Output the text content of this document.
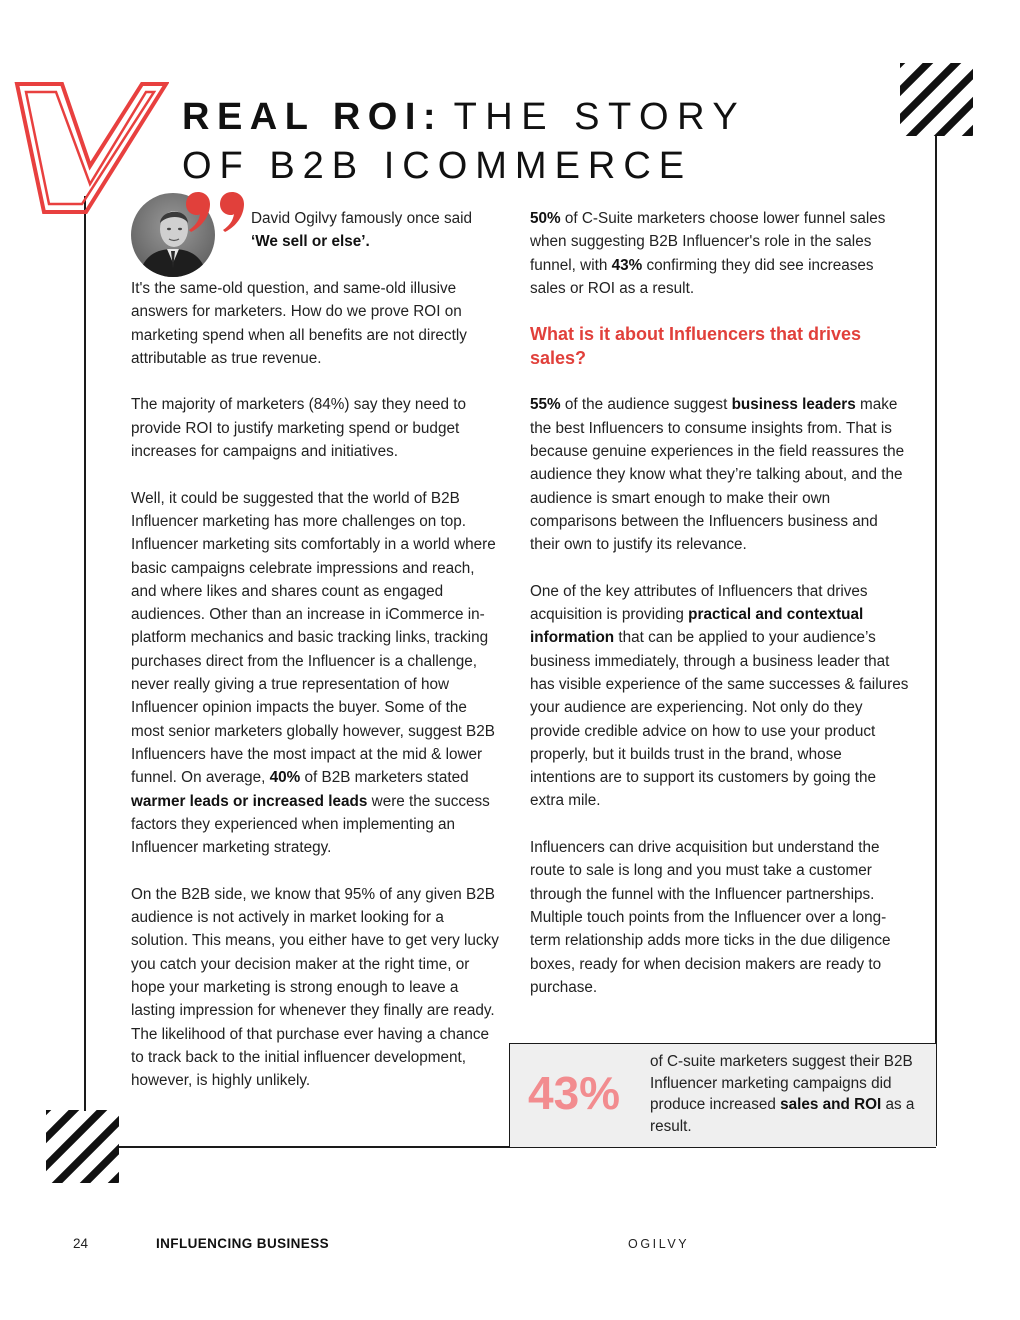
REAL ROI: THE STORY
OF B2B ICOMMERCE
David Ogilvy famously once said
‘We sell or else’.

It's the same-old question, and same-old illusive answers for marketers. How do we prove ROI on marketing spend when all benefits are not directly attributable as true revenue.

The majority of marketers (84%) say they need to provide ROI to justify marketing spend or budget increases for campaigns and initiatives.

Well, it could be suggested that the world of B2B Influencer marketing has more challenges on top. Influencer marketing sits comfortably in a world where basic campaigns celebrate impressions and reach, and where likes and shares count as engaged audiences. Other than an increase in iCommerce in-platform mechanics and basic tracking links, tracking purchases direct from the Influencer is a challenge, never really giving a true representation of how Influencer opinion impacts the buyer. Some of the most senior marketers globally however, suggest B2B Influencers have the most impact at the mid & lower funnel. On average, 40% of B2B marketers stated warmer leads or increased leads were the success factors they experienced when implementing an Influencer marketing strategy.

On the B2B side, we know that 95% of any given B2B audience is not actively in market looking for a solution. This means, you either have to get very lucky you catch your decision maker at the right time, or hope your marketing is strong enough to leave a lasting impression for whenever they finally are ready. The likelihood of that purchase ever having a chance to track back to the initial influencer development, however, is highly unlikely.

50% of C-Suite marketers choose lower funnel sales when suggesting B2B Influencer's role in the sales funnel, with 43% confirming they did see increases sales or ROI as a result.

What is it about Influencers that drives sales?

55% of the audience suggest business leaders make the best Influencers to consume insights from. That is because genuine experiences in the field reassures the audience they know what they’re talking about, and the audience is smart enough to make their own comparisons between the Influencers business and their own to justify its relevance.

One of the key attributes of Influencers that drives acquisition is providing practical and contextual information that can be applied to your audience’s business immediately, through a business leader that has visible experience of the same successes & failures your audience are experiencing. Not only do they provide credible advice on how to use your product properly, but it builds trust in the brand, whose intentions are to support its customers by going the extra mile.

Influencers can drive acquisition but understand the route to sale is long and you must take a customer through the funnel with the Influencer partnerships. Multiple touch points from the Influencer over a long-term relationship adds more ticks in the due diligence boxes, ready for when decision makers are ready to purchase.

43%
of C-suite marketers suggest their B2B Influencer marketing campaigns did produce increased sales and ROI as a result.
24	INFLUENCING BUSINESS	OGILVY
